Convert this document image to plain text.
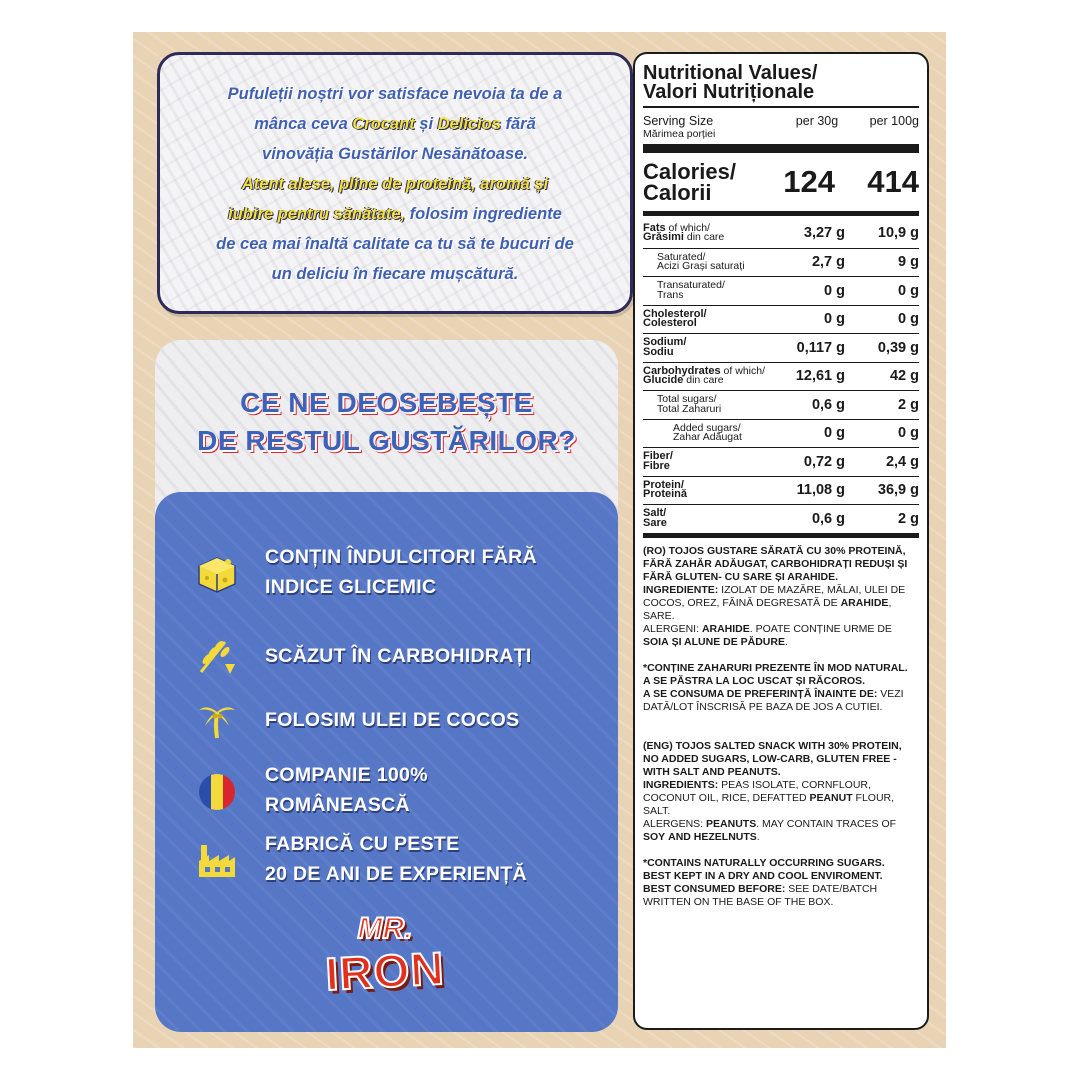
Pufuleții noștri vor satisface nevoia ta de a
mânca ceva Crocant și Delicios fără
vinovăția Gustărilor Nesănătoase.
Atent alese, pline de proteină, aromă și
iubire pentru sănătate, folosim ingrediente
de cea mai înaltă calitate ca tu să te bucuri de
un deliciu în fiecare mușcătură.

CE NE DEOSEBEȘTE
DE RESTUL GUSTĂRILOR?
CONȚIN ÎNDULCITORI FĂRĂ
INDICE GLICEMIC
SCĂZUT ÎN CARBOHIDRAȚI
FOLOSIM ULEI DE COCOS
COMPANIE 100%
ROMÂNEASCĂ
FABRICĂ CU PESTE
20 DE ANI DE EXPERIENȚĂ
MR.
IRON
Nutritional Values/
Valori Nutriționale
Serving Size
Mărimea porției
per 30g	per 100g
Calories/
Calorii	124	414
Fats of which/
Grăsimi din care	3,27 g	10,9 g
Saturated/
Acizi Grași saturați	2,7 g	9 g
Transaturated/
Trans	0 g	0 g
Cholesterol/
Colesterol	0 g	0 g
Sodium/
Sodiu	0,117 g	0,39 g
Carbohydrates of which/
Glucide din care	12,61 g	42 g
Total sugars/
Total Zaharuri	0,6 g	2 g
Added sugars/
Zahar Adăugat	0 g	0 g
Fiber/
Fibre	0,72 g	2,4 g
Protein/
Proteină	11,08 g	36,9 g
Salt/
Sare	0,6 g	2 g

(RO) TOJOS GUSTARE SĂRATĂ CU 30% PROTEINĂ, FĂRĂ ZAHĂR ADĂUGAT, CARBOHIDRAȚI REDUȘI ȘI FĂRĂ GLUTEN- CU SARE ȘI ARAHIDE.
INGREDIENTE: IZOLAT DE MAZĂRE, MĂLAI, ULEI DE COCOS, OREZ, FĂINĂ DEGRESATĂ DE ARAHIDE, SARE.
ALERGENI: ARAHIDE. POATE CONȚINE URME DE SOIA ȘI ALUNE DE PĂDURE.

*CONȚINE ZAHARURI PREZENTE ÎN MOD NATURAL.
A SE PĂSTRA LA LOC USCAT ȘI RĂCOROS.
A SE CONSUMA DE PREFERINȚĂ ÎNAINTE DE: VEZI DATĂ/LOT ÎNSCRISĂ PE BAZA DE JOS A CUTIEI.

(ENG) TOJOS SALTED SNACK WITH 30% PROTEIN, NO ADDED SUGARS, LOW-CARB, GLUTEN FREE - WITH SALT AND PEANUTS.
INGREDIENTS: PEAS ISOLATE, CORNFLOUR, COCONUT OIL, RICE, DEFATTED PEANUT FLOUR, SALT.
ALERGENS: PEANUTS. MAY CONTAIN TRACES OF SOY AND HEZELNUTS.

*CONTAINS NATURALLY OCCURRING SUGARS.
BEST KEPT IN A DRY AND COOL ENVIROMENT.
BEST CONSUMED BEFORE: SEE DATE/BATCH WRITTEN ON THE BASE OF THE BOX.
